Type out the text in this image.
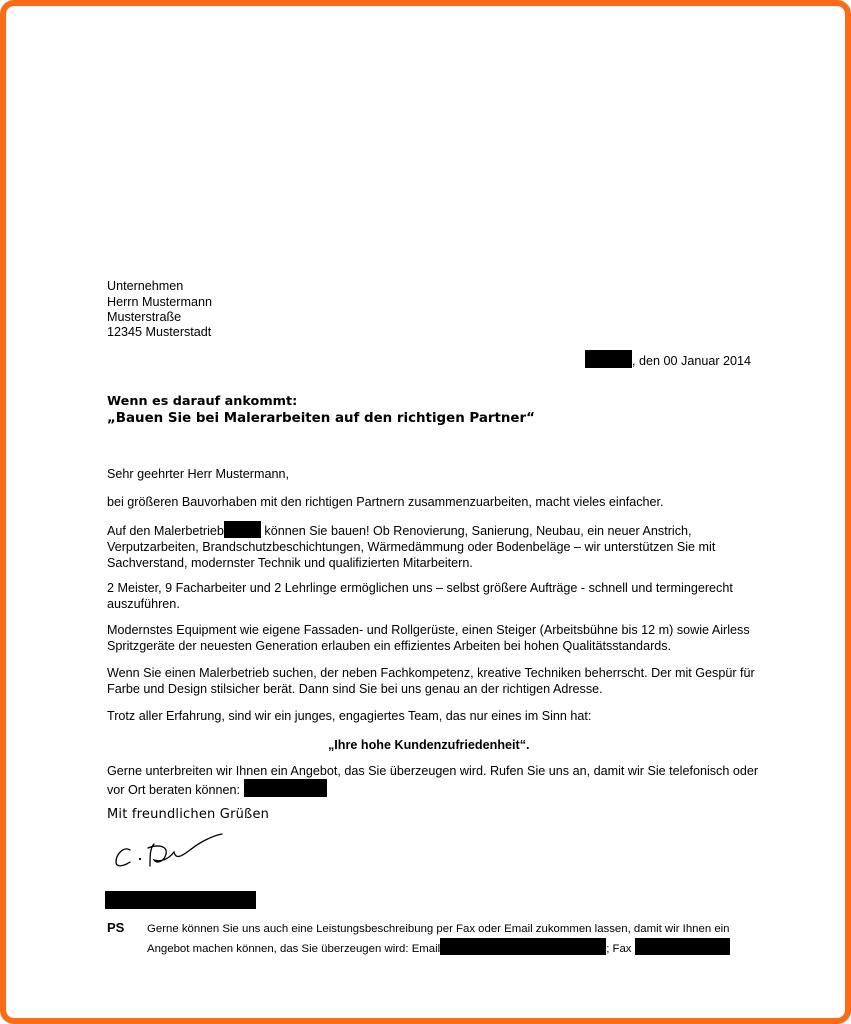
Unternehmen
Herrn Mustermann
Musterstraße
12345 Musterstadt
, den 00 Januar 2014
Wenn es darauf ankommt:
„Bauen Sie bei Malerarbeiten auf den richtigen Partner“
Sehr geehrter Herr Mustermann,
bei größeren Bauvorhaben mit den richtigen Partnern zusammenzuarbeiten, macht vieles einfacher.
Auf den Malerbetrieb	können Sie bauen! Ob Renovierung, Sanierung, Neubau, ein neuer Anstrich, Verputzarbeiten, Brandschutzbeschichtungen, Wärmedämmung oder Bodenbeläge – wir unterstützen Sie mit Sachverstand, modernster Technik und qualifizierten Mitarbeitern.
2 Meister, 9 Facharbeiter und 2 Lehrlinge ermöglichen uns – selbst größere Aufträge - schnell und termingerecht auszuführen.
Modernstes Equipment wie eigene Fassaden- und Rollgerüste, einen Steiger (Arbeitsbühne bis 12 m) sowie Airless Spritzgeräte der neuesten Generation erlauben ein effizientes Arbeiten bei hohen Qualitätsstandards.
Wenn Sie einen Malerbetrieb suchen, der neben Fachkompetenz, kreative Techniken beherrscht. Der mit Gespür für Farbe und Design stilsicher berät. Dann sind Sie bei uns genau an der richtigen Adresse.
Trotz aller Erfahrung, sind wir ein junges, engagiertes Team, das nur eines im Sinn hat:
„Ihre hohe Kundenzufriedenheit“.
Gerne unterbreiten wir Ihnen ein Angebot, das Sie überzeugen wird. Rufen Sie uns an, damit wir Sie telefonisch oder vor Ort beraten können:
Mit freundlichen Grüßen
PS Gerne können Sie uns auch eine Leistungsbeschreibung per Fax oder Email zukommen lassen, damit wir Ihnen ein Angebot machen können, das Sie überzeugen wird: Email	; Fax
